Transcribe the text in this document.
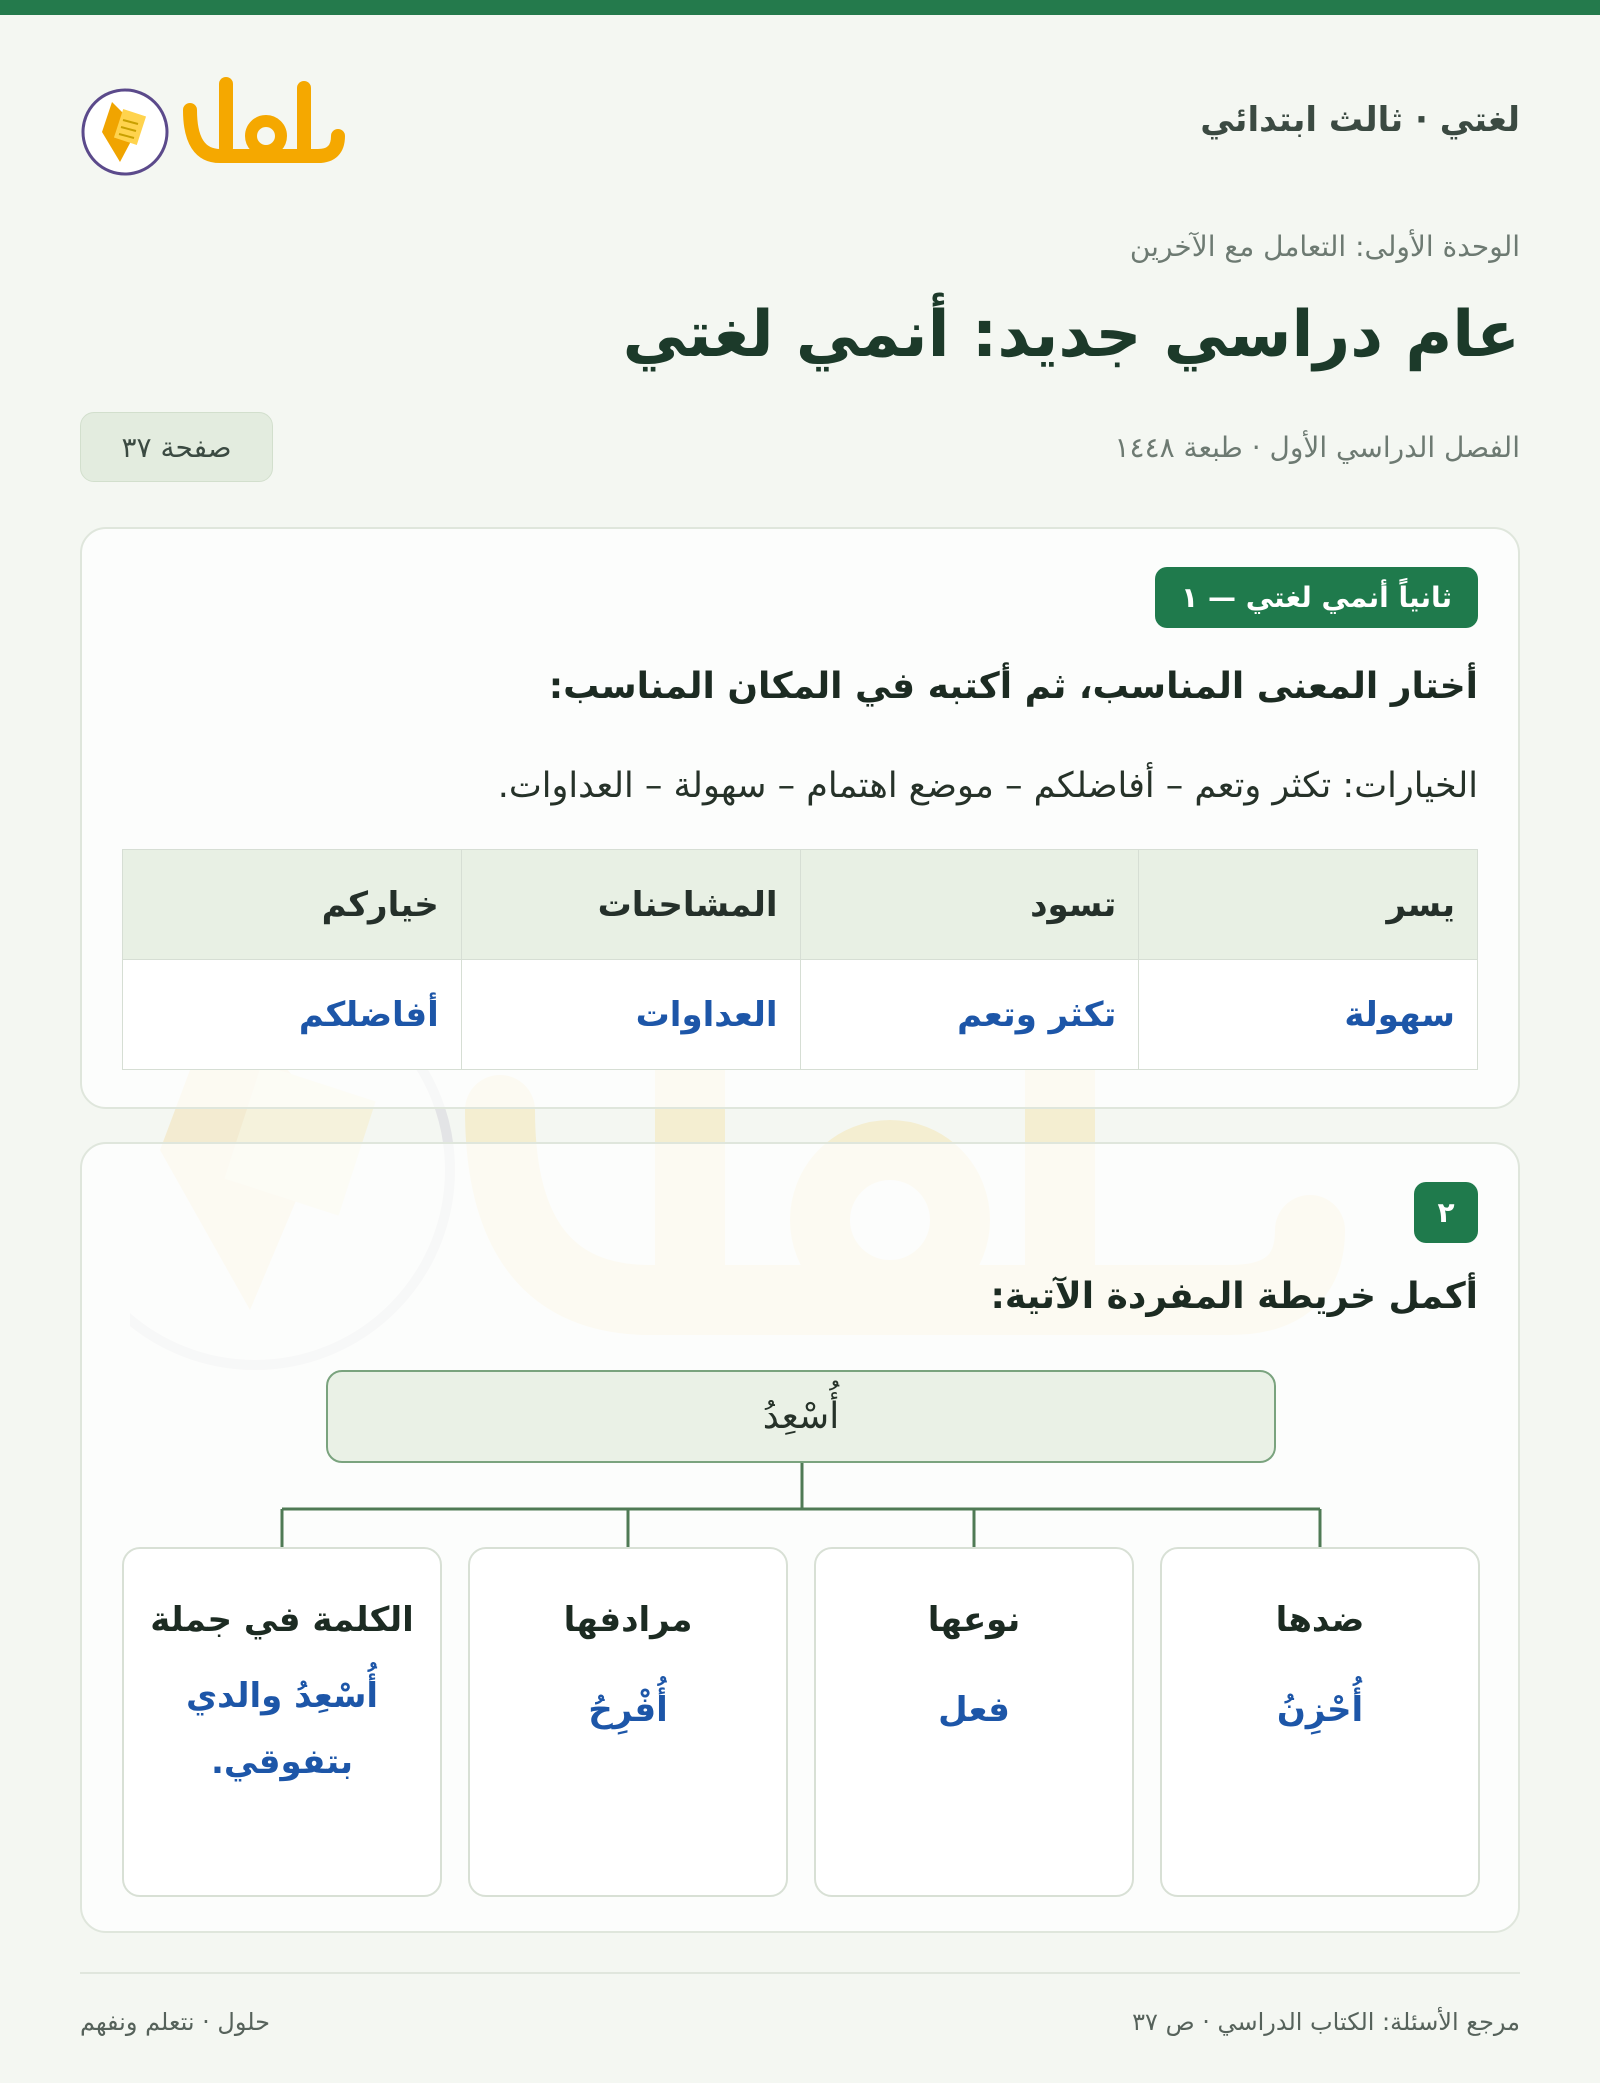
لغتي · ثالث ابتدائي
الوحدة الأولى: التعامل مع الآخرين
عام دراسي جديد: أنمي لغتي
الفصل الدراسي الأول · طبعة ١٤٤٨
صفحة ٣٧
ثانياً أنمي لغتي — ١
أختار المعنى المناسب، ثم أكتبه في المكان المناسب:
الخيارات: تكثر وتعم – أفاضلكم – موضع اهتمام – سهولة – العداوات.
يسر	تسود	المشاحنات	خياركم
سهولة	تكثر وتعم	العداوات	أفاضلكم
٢
أكمل خريطة المفردة الآتية:
أُسْعِدُ
ضدها
أُحْزِنُ
نوعها
فعل
مرادفها
أُفْرِحُ
الكلمة في جملة
أُسْعِدُ والدي بتفوقي.
مرجع الأسئلة: الكتاب الدراسي · ص ٣٧
حلول · نتعلم ونفهم
